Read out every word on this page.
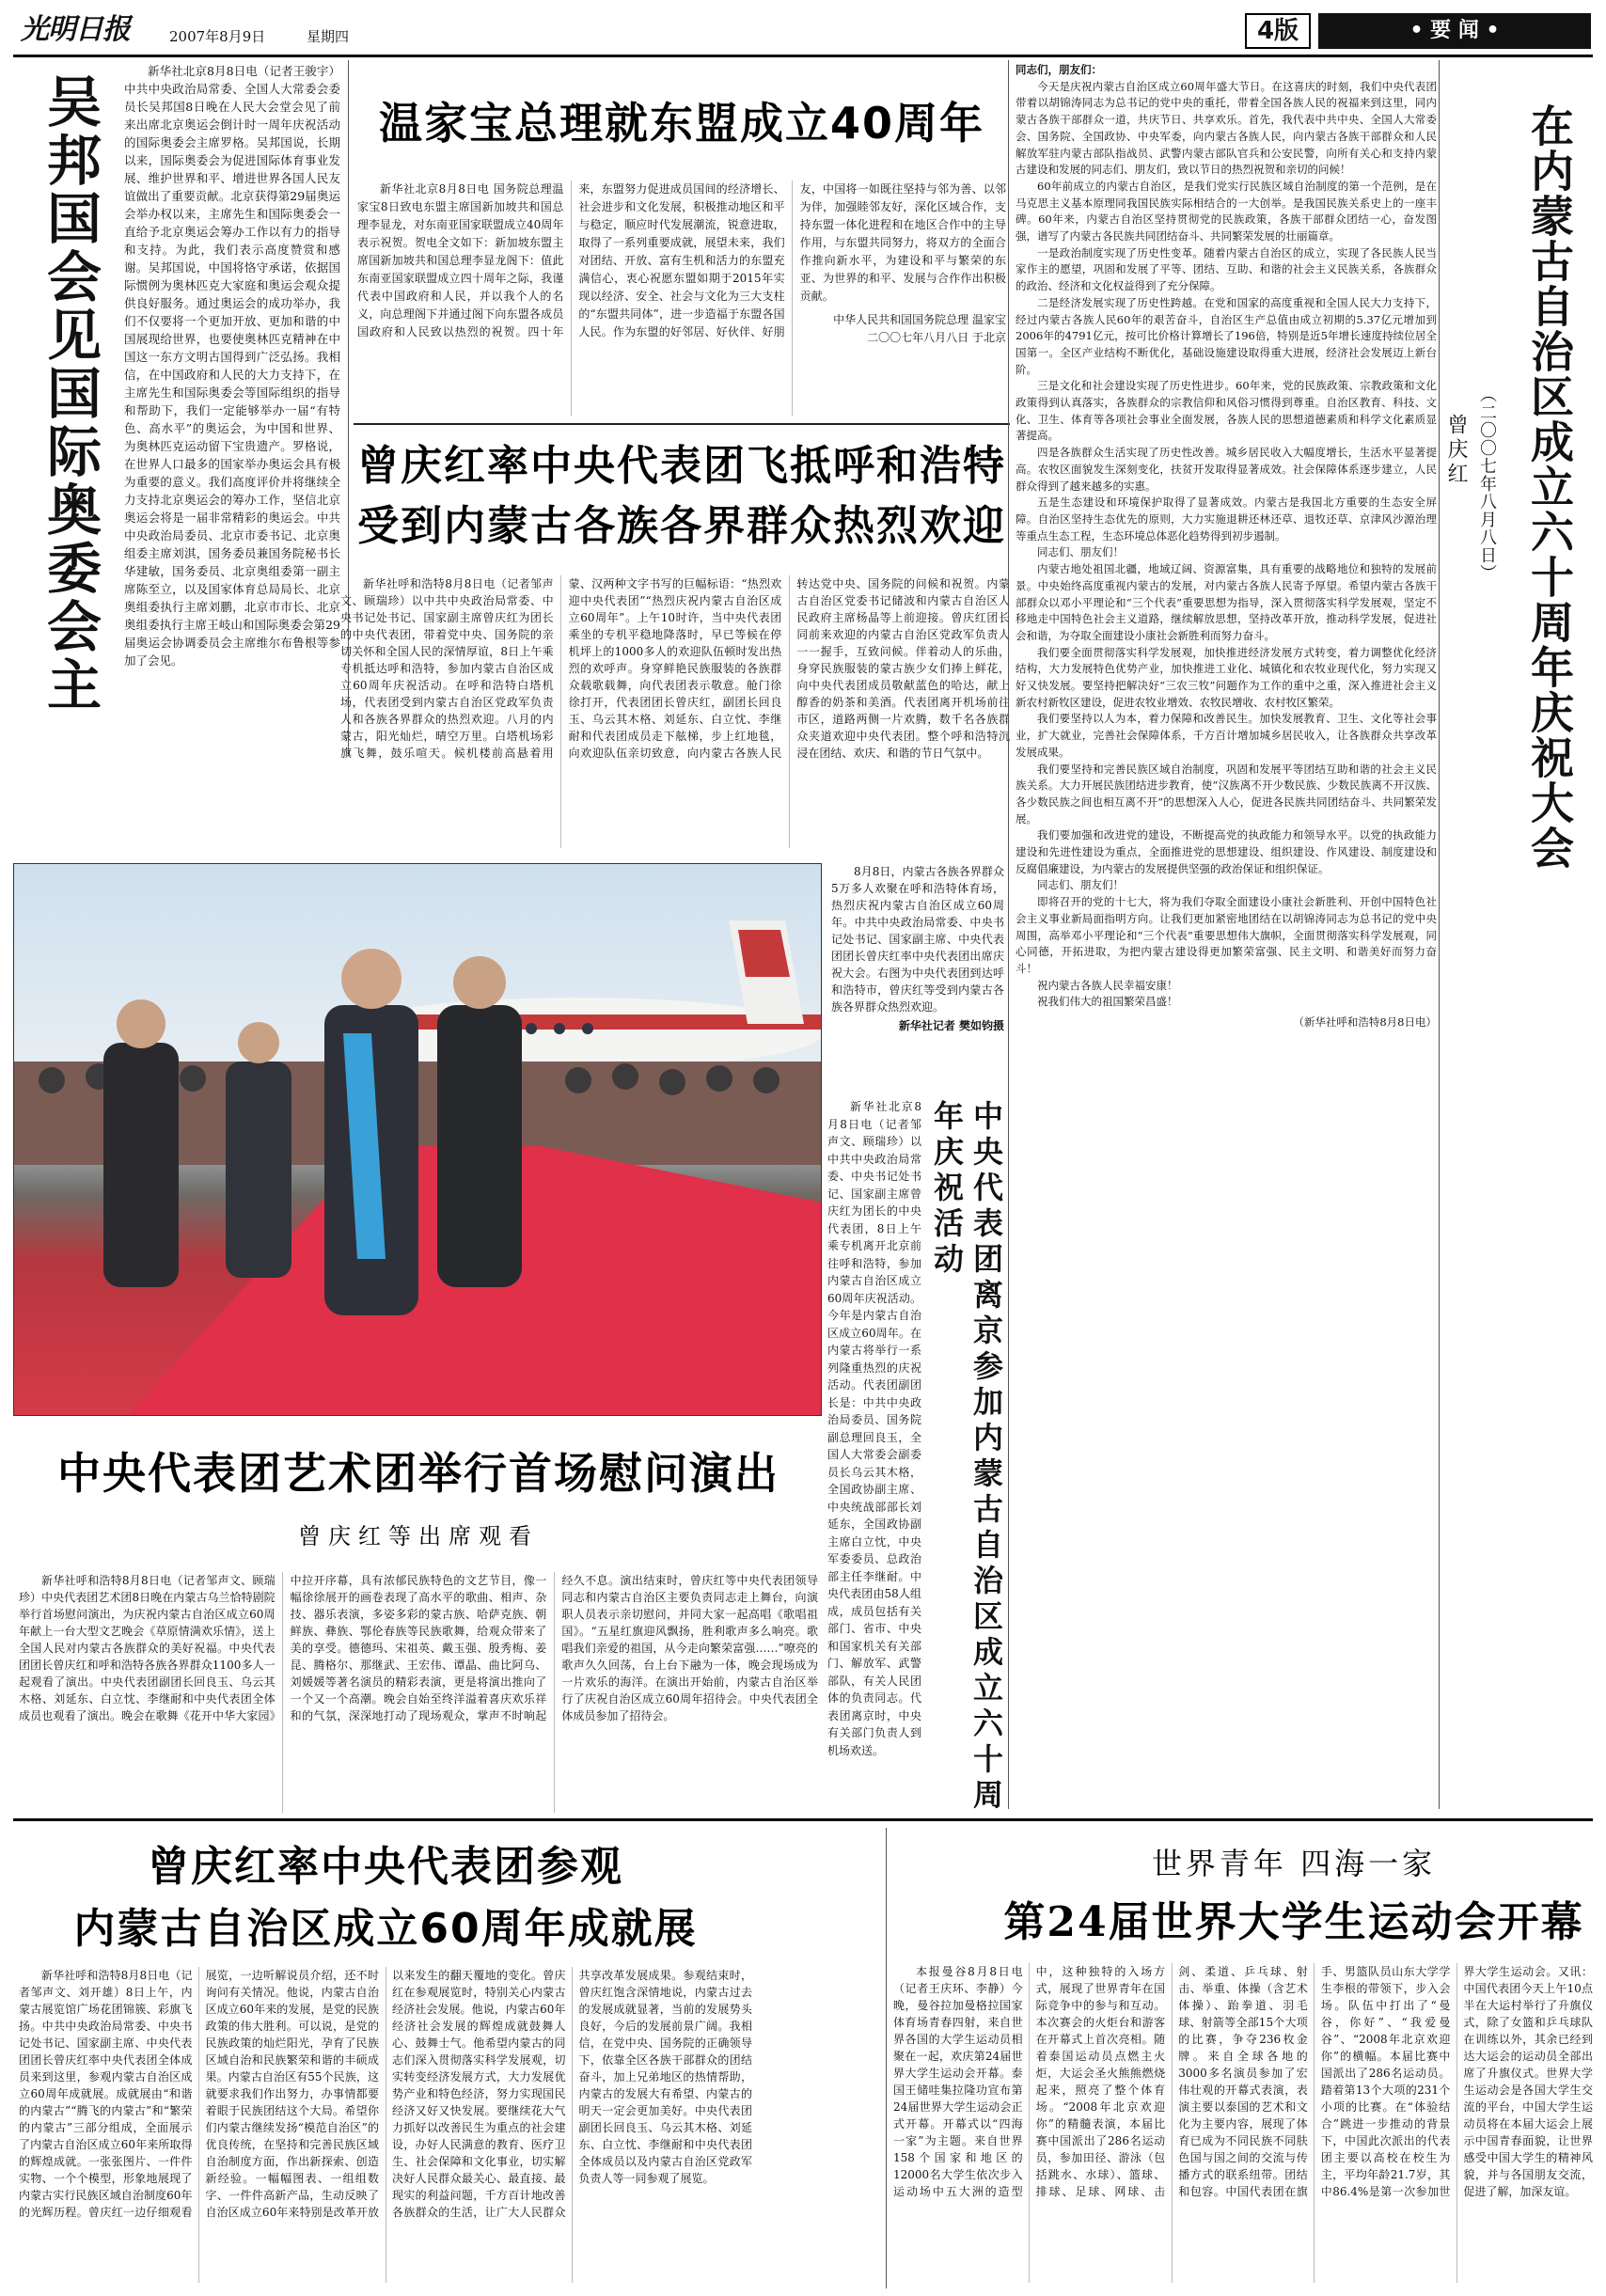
光明日报	2007年8月9日	星期四	4版	• 要 闻 •
吴邦国会见国际奥委会主
新华社北京8月8日电（记者王骏宇）中共中央政治局常委、全国人大常委会委员长吴邦国8日晚在人民大会堂会见了前来出席北京奥运会倒计时一周年庆祝活动的国际奥委会主席罗格。吴邦国说，长期以来，国际奥委会为促进国际体育事业发展、维护世界和平、增进世界各国人民友谊做出了重要贡献。北京获得第29届奥运会举办权以来，主席先生和国际奥委会一直给予北京奥运会筹办工作以有力的指导和支持。为此，我们表示高度赞赏和感谢。吴邦国说，中国将恪守承诺，依据国际惯例为奥林匹克大家庭和奥运会观众提供良好服务。通过奥运会的成功举办，我们不仅要将一个更加开放、更加和谐的中国展现给世界，也要使奥林匹克精神在中国这一东方文明古国得到广泛弘扬。我相信，在中国政府和人民的大力支持下，在主席先生和国际奥委会等国际组织的指导和帮助下，我们一定能够举办一届“有特色、高水平”的奥运会，为中国和世界、为奥林匹克运动留下宝贵遗产。罗格说，在世界人口最多的国家举办奥运会具有极为重要的意义。我们高度评价并将继续全力支持北京奥运会的筹办工作，坚信北京奥运会将是一届非常精彩的奥运会。中共中央政治局委员、北京市委书记、北京奥组委主席刘淇，国务委员兼国务院秘书长华建敏，国务委员、北京奥组委第一副主席陈至立，以及国家体育总局局长、北京奥组委执行主席刘鹏，北京市市长、北京奥组委执行主席王岐山和国际奥委会第29届奥运会协调委员会主席维尔布鲁根等参加了会见。
温家宝总理就东盟成立40周年

新华社北京8月8日电 国务院总理温家宝8日致电东盟主席国新加坡共和国总理李显龙，对东南亚国家联盟成立40周年表示祝贺。贺电全文如下：新加坡东盟主席国新加坡共和国总理李显龙阁下：值此东南亚国家联盟成立四十周年之际，我谨代表中国政府和人民，并以我个人的名义，向总理阁下并通过阁下向东盟各成员国政府和人民致以热烈的祝贺。四十年来，东盟努力促进成员国间的经济增长、社会进步和文化发展，积极推动地区和平与稳定，顺应时代发展潮流，锐意进取，取得了一系列重要成就，展望未来，我们对团结、开放、富有生机和活力的东盟充满信心，衷心祝愿东盟如期于2015年实现以经济、安全、社会与文化为三大支柱的“东盟共同体”，进一步造福于东盟各国人民。作为东盟的好邻居、好伙伴、好朋友，中国将一如既往坚持与邻为善、以邻为伴，加强睦邻友好，深化区域合作，支持东盟一体化进程和在地区合作中的主导作用，与东盟共同努力，将双方的全面合作推向新水平，为建设和平与繁荣的东亚、为世界的和平、发展与合作作出积极贡献。

中华人民共和国国务院总理 温家宝

二〇〇七年八月八日 于北京

曾庆红率中央代表团飞抵呼和浩特
受到内蒙古各族各界群众热烈欢迎

新华社呼和浩特8月8日电（记者邹声文、顾瑞珍）以中共中央政治局常委、中央书记处书记、国家副主席曾庆红为团长的中央代表团，带着党中央、国务院的亲切关怀和全国人民的深情厚谊，8日上午乘专机抵达呼和浩特，参加内蒙古自治区成立60周年庆祝活动。在呼和浩特白塔机场，代表团受到内蒙古自治区党政军负责人和各族各界群众的热烈欢迎。八月的内蒙古，阳光灿烂，晴空万里。白塔机场彩旗飞舞，鼓乐喧天。候机楼前高悬着用蒙、汉两种文字书写的巨幅标语：“热烈欢迎中央代表团”“热烈庆祝内蒙古自治区成立60周年”。上午10时许，当中央代表团乘坐的专机平稳地降落时，早已等候在停机坪上的1000多人的欢迎队伍顿时发出热烈的欢呼声。身穿鲜艳民族服装的各族群众载歌载舞，向代表团表示敬意。舱门徐徐打开，代表团团长曾庆红，副团长回良玉、乌云其木格、刘延东、白立忱、李继耐和代表团成员走下舷梯，步上红地毯，向欢迎队伍亲切致意，向内蒙古各族人民转达党中央、国务院的问候和祝贺。内蒙古自治区党委书记储波和内蒙古自治区人民政府主席杨晶等上前迎接。曾庆红团长同前来欢迎的内蒙古自治区党政军负责人一一握手，互致问候。伴着动人的乐曲，身穿民族服装的蒙古族少女们捧上鲜花，向中央代表团成员敬献蓝色的哈达，献上醇香的奶茶和美酒。代表团离开机场前往市区，道路两侧一片欢腾，数千名各族群众夹道欢迎中央代表团。整个呼和浩特沉浸在团结、欢庆、和谐的节日气氛中。

在内蒙古自治区成立六十周年庆祝大会
（二〇〇七年八月八日）
曾庆红

同志们，朋友们：

今天是庆祝内蒙古自治区成立60周年盛大节日。在这喜庆的时刻，我们中央代表团带着以胡锦涛同志为总书记的党中央的重托，带着全国各族人民的祝福来到这里，同内蒙古各族干部群众一道，共庆节日、共享欢乐。首先，我代表中共中央、全国人大常委会、国务院、全国政协、中央军委，向内蒙古各族人民，向内蒙古各族干部群众和人民解放军驻内蒙古部队指战员、武警内蒙古部队官兵和公安民警，向所有关心和支持内蒙古建设和发展的同志们、朋友们，致以节日的热烈祝贺和亲切的问候！

60年前成立的内蒙古自治区，是我们党实行民族区域自治制度的第一个范例，是在马克思主义基本原理同我国民族实际相结合的一大创举。是我国民族关系史上的一座丰碑。60年来，内蒙古自治区坚持贯彻党的民族政策，各族干部群众团结一心，奋发图强，谱写了内蒙古各民族共同团结奋斗、共同繁荣发展的壮丽篇章。

一是政治制度实现了历史性变革。随着内蒙古自治区的成立，实现了各民族人民当家作主的愿望，巩固和发展了平等、团结、互助、和谐的社会主义民族关系，各族群众的政治、经济和文化权益得到了充分保障。

二是经济发展实现了历史性跨越。在党和国家的高度重视和全国人民大力支持下，经过内蒙古各族人民60年的艰苦奋斗，自治区生产总值由成立初期的5.37亿元增加到2006年的4791亿元，按可比价格计算增长了196倍，特别是近5年增长速度持续位居全国第一。全区产业结构不断优化，基础设施建设取得重大进展，经济社会发展迈上新台阶。

三是文化和社会建设实现了历史性进步。60年来，党的民族政策、宗教政策和文化政策得到认真落实，各族群众的宗教信仰和风俗习惯得到尊重。自治区教育、科技、文化、卫生、体育等各项社会事业全面发展，各族人民的思想道德素质和科学文化素质显著提高。

四是各族群众生活实现了历史性改善。城乡居民收入大幅度增长，生活水平显著提高。农牧区面貌发生深刻变化，扶贫开发取得显著成效。社会保障体系逐步建立，人民群众得到了越来越多的实惠。

五是生态建设和环境保护取得了显著成效。内蒙古是我国北方重要的生态安全屏障。自治区坚持生态优先的原则，大力实施退耕还林还草、退牧还草、京津风沙源治理等重点生态工程，生态环境总体恶化趋势得到初步遏制。

同志们、朋友们！

内蒙古地处祖国北疆，地域辽阔、资源富集，具有重要的战略地位和独特的发展前景。中央始终高度重视内蒙古的发展，对内蒙古各族人民寄予厚望。希望内蒙古各族干部群众以邓小平理论和“三个代表”重要思想为指导，深入贯彻落实科学发展观，坚定不移地走中国特色社会主义道路，继续解放思想，坚持改革开放，推动科学发展，促进社会和谐，为夺取全面建设小康社会新胜利而努力奋斗。

我们要全面贯彻落实科学发展观，加快推进经济发展方式转变，着力调整优化经济结构，大力发展特色优势产业，加快推进工业化、城镇化和农牧业现代化，努力实现又好又快发展。要坚持把解决好“三农三牧”问题作为工作的重中之重，深入推进社会主义新农村新牧区建设，促进农牧业增效、农牧民增收、农村牧区繁荣。

我们要坚持以人为本，着力保障和改善民生。加快发展教育、卫生、文化等社会事业，扩大就业，完善社会保障体系，千方百计增加城乡居民收入，让各族群众共享改革发展成果。

我们要坚持和完善民族区域自治制度，巩固和发展平等团结互助和谐的社会主义民族关系。大力开展民族团结进步教育，使“汉族离不开少数民族、少数民族离不开汉族、各少数民族之间也相互离不开”的思想深入人心，促进各民族共同团结奋斗、共同繁荣发展。

我们要加强和改进党的建设，不断提高党的执政能力和领导水平。以党的执政能力建设和先进性建设为重点，全面推进党的思想建设、组织建设、作风建设、制度建设和反腐倡廉建设，为内蒙古的发展提供坚强的政治保证和组织保证。

同志们、朋友们！

即将召开的党的十七大，将为我们夺取全面建设小康社会新胜利、开创中国特色社会主义事业新局面指明方向。让我们更加紧密地团结在以胡锦涛同志为总书记的党中央周围，高举邓小平理论和“三个代表”重要思想伟大旗帜，全面贯彻落实科学发展观，同心同德，开拓进取，为把内蒙古建设得更加繁荣富强、民主文明、和谐美好而努力奋斗！

祝内蒙古各族人民幸福安康！

祝我们伟大的祖国繁荣昌盛！

（新华社呼和浩特8月8日电）

8月8日，内蒙古各族各界群众5万多人欢聚在呼和浩特体育场，热烈庆祝内蒙古自治区成立60周年。中共中央政治局常委、中央书记处书记、国家副主席、中央代表团团长曾庆红率中央代表团出席庆祝大会。右图为中央代表团到达呼和浩特市，曾庆红等受到内蒙古各族各界群众热烈欢迎。

新华社记者 樊如钧摄

新华社北京8月8日电（记者邹声文、顾瑞珍）以中共中央政治局常委、中央书记处书记、国家副主席曾庆红为团长的中央代表团，8日上午乘专机离开北京前往呼和浩特，参加内蒙古自治区成立60周年庆祝活动。今年是内蒙古自治区成立60周年。在内蒙古将举行一系列隆重热烈的庆祝活动。代表团副团长是：中共中央政治局委员、国务院副总理回良玉，全国人大常委会副委员长乌云其木格，全国政协副主席、中央统战部部长刘延东，全国政协副主席白立忱，中央军委委员、总政治部主任李继耐。中央代表团由58人组成，成员包括有关部门、省市、中央和国家机关有关部门、解放军、武警部队，有关人民团体的负责同志。代表团离京时，中央有关部门负责人到机场欢送。	中央代表团离京参加内蒙古自治区成立六十周年庆祝活动
中央代表团艺术团举行首场慰问演出
曾庆红等出席观看

新华社呼和浩特8月8日电（记者邹声文、顾瑞珍）中央代表团艺术团8日晚在内蒙古乌兰恰特剧院举行首场慰问演出，为庆祝内蒙古自治区成立60周年献上一台大型文艺晚会《草原情满欢乐情》，送上全国人民对内蒙古各族群众的美好祝福。中央代表团团长曾庆红和呼和浩特各族各界群众1100多人一起观看了演出。中央代表团副团长回良玉、乌云其木格、刘延东、白立忱、李继耐和中央代表团全体成员也观看了演出。晚会在歌舞《花开中华大家园》中拉开序幕，具有浓郁民族特色的文艺节目，像一幅徐徐展开的画卷表现了高水平的歌曲、相声、杂技、器乐表演，多姿多彩的蒙古族、哈萨克族、朝鲜族、彝族、鄂伦春族等民族歌舞，给观众带来了美的享受。德德玛、宋祖英、戴玉强、殷秀梅、姜昆、腾格尔、那继武、王宏伟、谭晶、曲比阿乌、刘媛媛等著名演员的精彩表演，更是将演出推向了一个又一个高潮。晚会自始至终洋溢着喜庆欢乐祥和的气氛，深深地打动了现场观众，掌声不时响起经久不息。演出结束时，曾庆红等中央代表团领导同志和内蒙古自治区主要负责同志走上舞台，向演职人员表示亲切慰问，并同大家一起高唱《歌唱祖国》。“五星红旗迎风飘扬，胜利歌声多么响亮。歌唱我们亲爱的祖国，从今走向繁荣富强……”嘹亮的歌声久久回荡，台上台下融为一体，晚会现场成为一片欢乐的海洋。在演出开始前，内蒙古自治区举行了庆祝自治区成立60周年招待会。中央代表团全体成员参加了招待会。

曾庆红率中央代表团参观
内蒙古自治区成立60周年成就展

新华社呼和浩特8月8日电（记者邹声文、刘开雄）8日上午，内蒙古展览馆广场花团锦簇、彩旗飞扬。中共中央政治局常委、中央书记处书记、国家副主席、中央代表团团长曾庆红率中央代表团全体成员来到这里，参观内蒙古自治区成立60周年成就展。成就展由“和谐的内蒙古”“腾飞的内蒙古”和“繁荣的内蒙古”三部分组成，全面展示了内蒙古自治区成立60年来所取得的辉煌成就。一张张图片、一件件实物、一个个模型，形象地展现了内蒙古实行民族区域自治制度60年的光辉历程。曾庆红一边仔细观看展览，一边听解说员介绍，还不时询问有关情况。他说，内蒙古自治区成立60年来的发展，是党的民族政策的伟大胜利。可以说，是党的民族政策的灿烂阳光，孕育了民族区域自治和民族繁荣和谐的丰硕成果。内蒙古自治区有55个民族，这就要求我们作出努力，办事情都要着眼于民族团结这个大局。希望你们内蒙古继续发扬“模范自治区”的优良传统，在坚持和完善民族区域自治制度方面，作出新探索、创造新经验。一幅幅图表、一组组数字、一件件高新产品，生动反映了自治区成立60年来特别是改革开放以来发生的翻天覆地的变化。曾庆红在参观展览时，特别关心内蒙古经济社会发展。他说，内蒙古60年经济社会发展的辉煌成就鼓舞人心、鼓舞士气。他希望内蒙古的同志们深入贯彻落实科学发展观，切实转变经济发展方式，大力发展优势产业和特色经济，努力实现国民经济又好又快发展。要继续花大气力抓好以改善民生为重点的社会建设，办好人民满意的教育、医疗卫生、社会保障和文化事业，切实解决好人民群众最关心、最直接、最现实的利益问题，千方百计地改善各族群众的生活，让广大人民群众共享改革发展成果。参观结束时，曾庆红饱含深情地说，内蒙古过去的发展成就显著，当前的发展势头良好，今后的发展前景广阔。我相信，在党中央、国务院的正确领导下，依靠全区各族干部群众的团结奋斗，加上兄弟地区的热情帮助，内蒙古的发展大有希望、内蒙古的明天一定会更加美好。中央代表团副团长回良玉、乌云其木格、刘延东、白立忱、李继耐和中央代表团全体成员以及内蒙古自治区党政军负责人等一同参观了展览。

世界青年 四海一家
第24届世界大学生运动会开幕

本报曼谷8月8日电（记者王庆环、李静）今晚，曼谷拉加曼格拉国家体育场青春四射，来自世界各国的大学生运动员相聚在一起，欢庆第24届世界大学生运动会开幕。泰国王储哇集拉隆功宣布第24届世界大学生运动会正式开幕。开幕式以“四海一家”为主题。来自世界158个国家和地区的12000名大学生依次步入运动场中五大洲的造型中，这种独特的入场方式，展现了世界青年在国际竞争中的参与和互动。本次赛会的火炬台和游客在开幕式上首次亮相。随着泰国运动员点燃主火炬，大运会圣火熊熊燃烧起来，照亮了整个体育场。“2008年北京欢迎你”的精髓表演，本届比赛中国派出了286名运动员，参加田径、游泳（包括跳水、水球）、篮球、排球、足球、网球、击剑、柔道、乒乓球、射击、举重、体操（含艺术体操）、跆拳道、羽毛球、射箭等全部15个大项的比赛，争夺236枚金牌。来自全球各地的3000多名演员参加了宏伟壮观的开幕式表演，表演主要以泰国的艺术和文化为主要内容，展现了体育已成为不同民族不同肤色国与国之间的交流与传播方式的联系纽带。团结和包容。中国代表团在旗手、男篮队员山东大学学生李根的带领下，步入会场。队伍中打出了“曼谷，你好”、“我爱曼谷”、“2008年北京欢迎你”的横幅。本届比赛中国派出了286名运动员。踏着第13个大项的231个小项的比赛。在“体验结合”跳进一步推动的背景下，中国此次派出的代表团主要以高校在校生为主，平均年龄21.7岁，其中86.4%是第一次参加世界大学生运动会。又讯：中国代表团今天上午10点半在大运村举行了升旗仪式，除了女篮和乒乓球队在训练以外，其余已经到达大运会的运动员全部出席了升旗仪式。世界大学生运动会是各国大学生交流的平台，中国大学生运动员将在本届大运会上展示中国青春面貌，让世界感受中国大学生的精神风貌，并与各国朋友交流，促进了解，加深友谊。
